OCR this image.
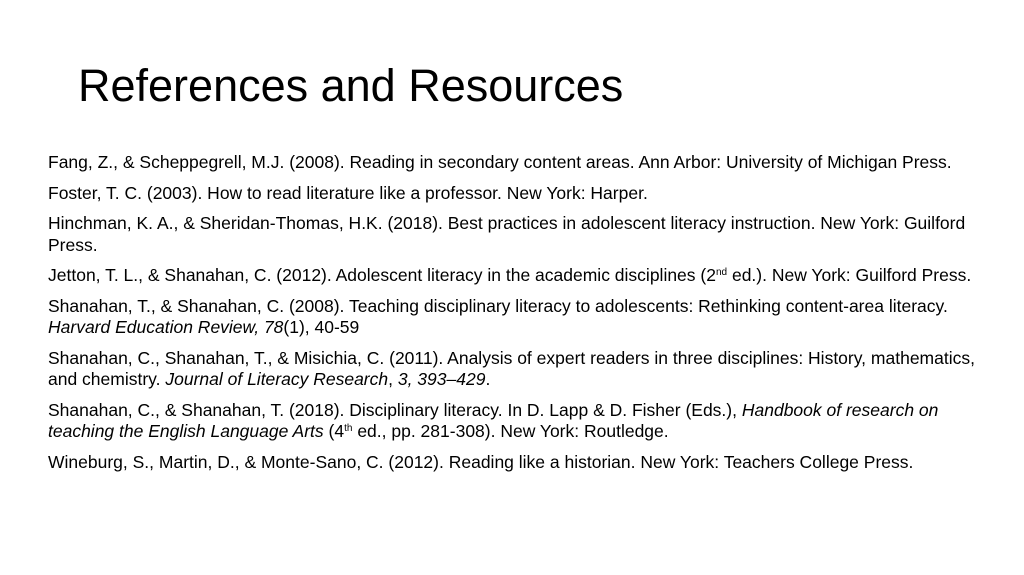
References and Resources
Fang, Z., & Scheppegrell, M.J. (2008). Reading in secondary content areas. Ann Arbor: University of Michigan Press.
Foster, T. C. (2003). How to read literature like a professor. New York: Harper.
Hinchman, K. A., & Sheridan-Thomas, H.K. (2018). Best practices in adolescent literacy instruction. New York: Guilford Press.
Jetton, T. L., & Shanahan, C. (2012). Adolescent literacy in the academic disciplines (2nd ed.). New York: Guilford Press.
Shanahan, T., & Shanahan, C. (2008). Teaching disciplinary literacy to adolescents: Rethinking content-area literacy. Harvard Education Review, 78(1), 40-59
Shanahan, C., Shanahan, T., & Misichia, C. (2011). Analysis of expert readers in three disciplines: History, mathematics, and chemistry. Journal of Literacy Research, 3, 393–429.
Shanahan, C., & Shanahan, T. (2018). Disciplinary literacy. In D. Lapp & D. Fisher (Eds.), Handbook of research on teaching the English Language Arts (4th ed., pp. 281-308). New York: Routledge.
Wineburg, S., Martin, D., & Monte-Sano, C. (2012). Reading like a historian. New York: Teachers College Press.
